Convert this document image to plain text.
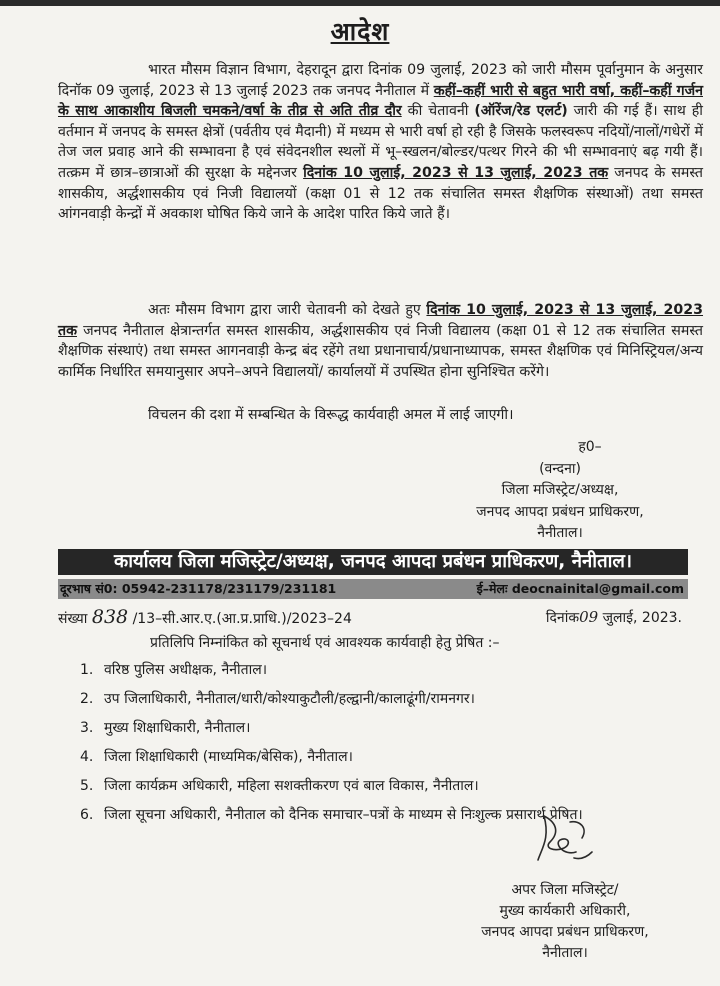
आदेश
भारत मौसम विज्ञान विभाग, देहरादून द्वारा दिनांक 09 जुलाई, 2023 को जारी मौसम पूर्वानुमान के अनुसार दिनॉक 09 जुलाई, 2023 से 13 जुलाई 2023 तक जनपद नैनीताल में कहीं–कहीं भारी से बहुत भारी वर्षा, कहीं–कहीं गर्जन के साथ आकाशीय बिजली चमकने/वर्षा के तीव्र से अति तीव्र दौर की चेतावनी (ऑरेंज/रेड एलर्ट) जारी की गई हैं। साथ ही वर्तमान में जनपद के समस्त क्षेत्रों (पर्वतीय एवं मैदानी) में मध्यम से भारी वर्षा हो रही है जिसके फलस्वरूप नदियों/नालों/गधेरों में तेज जल प्रवाह आने की सम्भावना है एवं संवेदनशील स्थलों में भू–स्खलन/बोल्डर/पत्थर गिरने की भी सम्भावनाएं बढ़ गयी हैं। तत्क्रम में छात्र–छात्राओं की सुरक्षा के मद्देनजर दिनांक 10 जुलाई, 2023 से 13 जुलाई, 2023 तक जनपद के समस्त शासकीय, अर्द्धशासकीय एवं निजी विद्यालयों (कक्षा 01 से 12 तक संचालित समस्त शैक्षणिक संस्थाओं) तथा समस्त आंगनवाड़ी केन्द्रों में अवकाश घोषित किये जाने के आदेश पारित किये जाते हैं।
अतः मौसम विभाग द्वारा जारी चेतावनी को देखते हुए दिनांक 10 जुलाई, 2023 से 13 जुलाई, 2023 तक जनपद नैनीताल क्षेत्रान्तर्गत समस्त शासकीय, अर्द्धशासकीय एवं निजी विद्यालय (कक्षा 01 से 12 तक संचालित समस्त शैक्षणिक संस्थाएं) तथा समस्त आगनवाड़ी केन्द्र बंद रहेंगे तथा प्रधानाचार्य/प्रधानाध्यापक, समस्त शैक्षणिक एवं मिनिस्ट्रियल/अन्य कार्मिक निर्धारित समयानुसार अपने–अपने विद्यालयों/ कार्यालयों में उपस्थित होना सुनिश्चित करेंगे।
विचलन की दशा में सम्बन्धित के विरूद्ध कार्यवाही अमल में लाई जाएगी।
ह0–
(वन्दना)
जिला मजिस्ट्रेट/अध्यक्ष,
जनपद आपदा प्रबंधन प्राधिकरण,
नैनीताल।
कार्यालय जिला मजिस्ट्रेट/अध्यक्ष, जनपद आपदा प्रबंधन प्राधिकरण, नैनीताल।
दूरभाष सं0: 05942-231178/231179/231181	ई–मेलः deocnainital@gmail.com
संख्या 838 /13–सी.आर.ए.(आ.प्र.प्राधि.)/2023–24	दिनांक09 जुलाई, 2023.
प्रतिलिपि निम्नांकित को सूचनार्थ एवं आवश्यक कार्यवाही हेतु प्रेषित :–
1. वरिष्ठ पुलिस अधीक्षक, नैनीताल।
2. उप जिलाधिकारी, नैनीताल/धारी/कोश्याकुटौली/हल्द्वानी/कालाढूंगी/रामनगर।
3. मुख्य शिक्षाधिकारी, नैनीताल।
4. जिला शिक्षाधिकारी (माध्यमिक/बेसिक), नैनीताल।
5. जिला कार्यक्रम अधिकारी, महिला सशक्तीकरण एवं बाल विकास, नैनीताल।
6. जिला सूचना अधिकारी, नैनीताल को दैनिक समाचार–पत्रों के माध्यम से निःशुल्क प्रसारार्थ प्रेषित।
अपर जिला मजिस्ट्रेट/
मुख्य कार्यकारी अधिकारी,
जनपद आपदा प्रबंधन प्राधिकरण,
नैनीताल।
